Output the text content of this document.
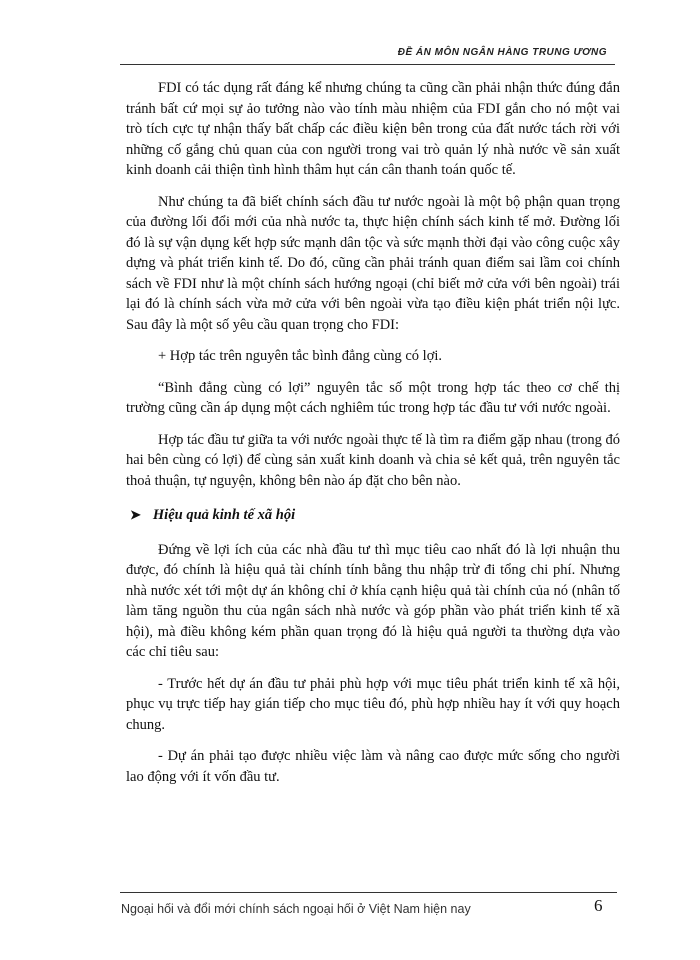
ĐỀ ÁN MÔN NGÂN HÀNG TRUNG ƯƠNG

FDI có tác dụng rất đáng kể nhưng chúng ta cũng cần phải nhận thức đúng đắn tránh bất cứ mọi sự ảo tưởng nào vào tính màu nhiệm của FDI gắn cho nó một vai trò tích cực tự nhận thấy bất chấp các điều kiện bên trong của đất nước tách rời với những cố gắng chủ quan của con người trong vai trò quản lý nhà nước về sản xuất kinh doanh cải thiện tình hình thâm hụt cán cân thanh toán quốc tế.

Như chúng ta đã biết chính sách đầu tư nước ngoài là một bộ phận quan trọng của đường lối đổi mới của nhà nước ta, thực hiện chính sách kinh tế mở. Đường lối đó là sự vận dụng kết hợp sức mạnh dân tộc và sức mạnh thời đại vào công cuộc xây dựng và phát triển kinh tế. Do đó, cũng cần phải tránh quan điểm sai lầm coi chính sách về FDI như là một chính sách hướng ngoại (chỉ biết mở cửa với bên ngoài) trái lại đó là chính sách vừa mở cửa với bên ngoài vừa tạo điều kiện phát triển nội lực. Sau đây là một số yêu cầu quan trọng cho FDI:

+ Hợp tác trên nguyên tắc bình đẳng cùng có lợi.

“Bình đẳng cùng có lợi” nguyên tắc số một trong hợp tác theo cơ chế thị trường cũng cần áp dụng một cách nghiêm túc trong hợp tác đầu tư với nước ngoài.

Hợp tác đầu tư giữa ta với nước ngoài thực tế là tìm ra điểm gặp nhau (trong đó hai bên cùng có lợi) để cùng sản xuất kinh doanh và chia sẻ kết quả, trên nguyên tắc thoả thuận, tự nguyện, không bên nào áp đặt cho bên nào.

➤ Hiệu quả kinh tế xã hội

Đứng về lợi ích của các nhà đầu tư thì mục tiêu cao nhất đó là lợi nhuận thu được, đó chính là hiệu quả tài chính tính bằng thu nhập trừ đi tổng chi phí. Nhưng nhà nước xét tới một dự án không chỉ ở khía cạnh hiệu quả tài chính của nó (nhân tố làm tăng nguồn thu của ngân sách nhà nước và góp phần vào phát triển kinh tế xã hội), mà điều không kém phần quan trọng đó là hiệu quả người ta thường dựa vào các chỉ tiêu sau:

- Trước hết dự án đầu tư phải phù hợp với mục tiêu phát triển kinh tế xã hội, phục vụ trực tiếp hay gián tiếp cho mục tiêu đó, phù hợp nhiều hay ít với quy hoạch chung.

- Dự án phải tạo được nhiều việc làm và nâng cao được mức sống cho người lao động với ít vốn đầu tư.

Ngoại hối và đổi mới chính sách ngoại hối ở Việt Nam hiện nay	6
